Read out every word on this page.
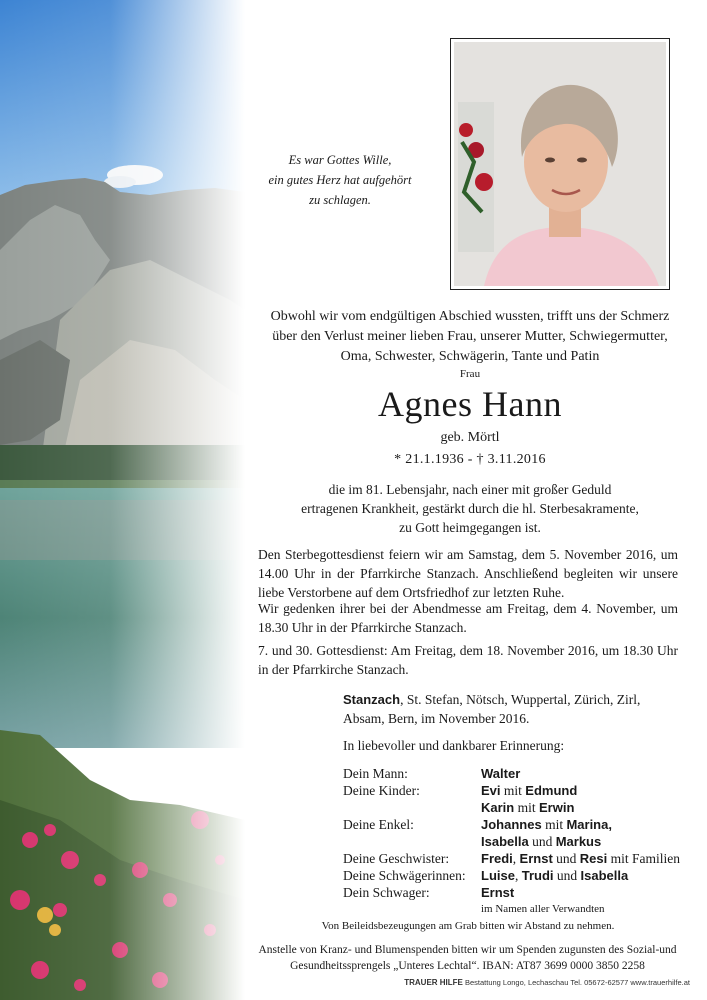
Es war Gottes Wille,
ein gutes Herz hat aufgehört
zu schlagen.
Obwohl wir vom endgültigen Abschied wussten, trifft uns der Schmerz
über den Verlust meiner lieben Frau, unserer Mutter, Schwiegermutter,
Oma, Schwester, Schwägerin, Tante und Patin
Frau
Agnes Hann
geb. Mörtl
* 21.1.1936 - † 3.11.2016
die im 81. Lebensjahr, nach einer mit großer Geduld
ertragenen Krankheit, gestärkt durch die hl. Sterbesakramente,
zu Gott heimgegangen ist.
Den Sterbegottesdienst feiern wir am Samstag, dem 5. November 2016, um 14.00 Uhr in der Pfarrkirche Stanzach. Anschließend begleiten wir unsere liebe Verstorbene auf dem Ortsfriedhof zur letzten Ruhe.
Wir gedenken ihrer bei der Abendmesse am Freitag, dem 4. November, um 18.30 Uhr in der Pfarrkirche Stanzach.
7. und 30. Gottesdienst: Am Freitag, dem 18. November 2016, um 18.30 Uhr in der Pfarrkirche Stanzach.
Stanzach, St. Stefan, Nötsch, Wuppertal, Zürich, Zirl,
Absam, Bern, im November 2016.
In liebevoller und dankbarer Erinnerung:
Dein Mann:	Walter
Deine Kinder:	Evi mit Edmund
Karin mit Erwin
Deine Enkel:	Johannes mit Marina,
Isabella und Markus
Deine Geschwister:	Fredi, Ernst und Resi mit Familien
Deine Schwägerinnen:	Luise, Trudi und Isabella
Dein Schwager:	Ernst
im Namen aller Verwandten
Von Beileidsbezeugungen am Grab bitten wir Abstand zu nehmen.
Anstelle von Kranz- und Blumenspenden bitten wir um Spenden zugunsten des Sozial-und
Gesundheitssprengels „Unteres Lechtal“. IBAN: AT87 3699 0000 3850 2258
TRAUER HILFE Bestattung Longo, Lechaschau Tel. 05672-62577 www.trauerhilfe.at
